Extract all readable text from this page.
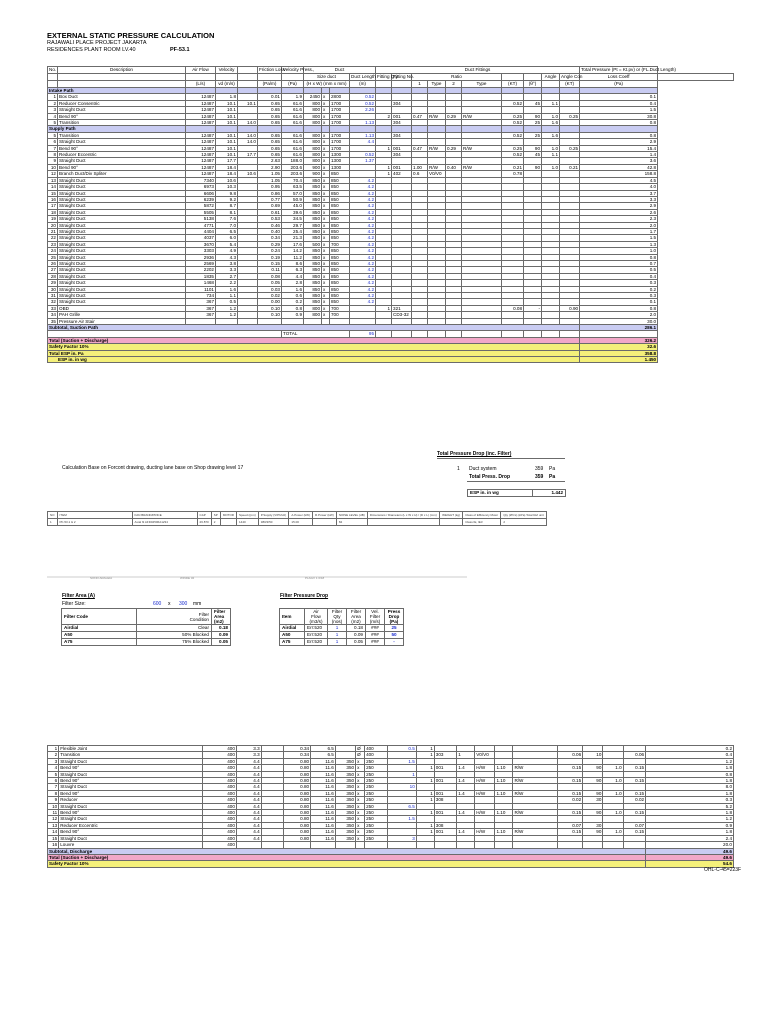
EXTERNAL STATIC PRESSURE CALCULATION
RAJAWALI PLACE PROJECT JAKARTA
RESIDENCES PLANT ROOM LV.40	PF-53.1
No.	Description	Air Flow	Velocity		Friction Loss	Velocity Press.,	Duct				Duct Fittings										Total Pressure (Pt = Kt.pv) or (FL.Duct Length)	
							Size duct			Duct Length	Fitting Qty	Fitting No.	Ratio						Angle	Angle Con	Loss Coeff	
		(L/s)	vd (m/s)		(Pa/m)	(Pa)	(H x W) (mm x mm)			(m)			1	Type	2	Type	(KT)	(θ°)		(KT)	(Pa)	
Intake Path																						
1	Box Duct	12487	1.8		0.01	1.9	2450	x	2800	0.52											0.1	
2	Reducer Consentric	12487	10.1	10.1	0.65	61.6	800	x	1700	0.52		304					0.52	45	1.1		0.4	
3	Straight Duct	12487	10.1		0.65	61.6	800	x	1700	2.26											1.5	
4	Bend 90°	12487	10.1		0.65	61.6	800	x	1700		2	001	0.47	R/W	0.29	R/W	0.25	90	1.0	0.25	30.8	
5	Transition	12487	10.1	14.0	0.65	61.6	800	x	1700	1.13		304					0.52	25	1.6		0.8	
Supply Path																						
5	Transition	12487	10.1	14.0	0.65	61.6	800	x	1700	1.13		304					0.52	25	1.6		0.8	
6	Straight Duct	12487	10.1	14.0	0.65	61.6	800	x	1700	4.4											2.9	
7	Bend 90°	12487	10.1		0.65	61.6	800	x	1700		1	001	0.47	R/W	0.29	R/W	0.25	90	1.0	0.25	15.4	
8	Reducer Eccentric	12487	10.1	17.7	0.65	61.6	800	x	1300	0.52		304					0.52	45	1.1		1.4	
9	Straight Duct	12487	17.7		2.63	188.0	800	x	1300	1.37											3.6	
10	Bend 90°	12487	18.4		2.90	203.6	900	x	1300		1	001	1.00	R/W	0.40	R/W	0.21	90	1.0	0.21	42.8	
12	Branch Duct/Div Spliter	12487	18.4	10.6	1.05	203.6	900	x	850		1	402	0.6	V0/V0			0.78				158.8	
13	Straight Duct	7340	10.6		1.05	70.4	850	x	850	4.2											4.5	
14	Straight Duct	6973	10.3		0.95	63.5	850	x	850	4.2											4.0	
15	Straight Duct	6606	9.8		0.86	57.0	850	x	850	4.2											3.7	
16	Straight Duct	6239	9.2		0.77	50.9	850	x	850	4.2											3.3	
17	Straight Duct	5872	8.7		0.69	45.0	850	x	850	4.2											2.9	
18	Straight Duct	5505	8.1		0.61	39.6	850	x	850	4.2											2.6	
19	Straight Duct	5138	7.6		0.53	34.5	850	x	850	4.2											2.3	
20	Straight Duct	4771	7.0		0.46	29.7	850	x	850	4.2											2.0	
21	Straight Duct	4404	6.5		0.40	25.4	850	x	850	4.2											1.7	
22	Straight Duct	4037	6.0		0.34	21.3	850	x	850	4.2											1.5	
23	Straight Duct	3670	5.4		0.29	17.6	500	x	700	4.2											1.3	
24	Straight Duct	3303	4.9		0.24	14.2	850	x	850	4.2											1.0	
25	Straight Duct	2936	4.3		0.19	11.2	850	x	850	4.2											0.8	
26	Straight Duct	2569	3.8		0.15	8.6	850	x	850	4.2											0.7	
27	Straight Duct	2202	3.3		0.11	6.3	850	x	850	4.2											0.5	
28	Straight Duct	1835	2.7		0.08	4.4	850	x	850	4.2											0.4	
29	Straight Duct	1468	2.2		0.05	2.8	850	x	850	4.2											0.3	
30	Straight Duct	1101	1.6		0.03	1.6	850	x	850	4.2											0.2	
31	Straight Duct	734	1.1		0.02	0.6	850	x	850	4.2											0.3	
32	Straight Duct	367	0.5		0.00	0.2	850	x	850	4.2											0.1	
33	OBD	367	1.2		0.10	0.8	800	x	700		1	321					0.08	-		0.90	0.8	
34	PAH Grille	367	1.2		0.10	0.9	800	x	700			CD3-32									2.0	
35	Pressure Air Stair																				30.0	
Subtotal, Suction Path																					286.1	
						TOTAL				95												
Total (Suction + Discharge)																					326.2	
Safety Factor 10%																					32.6	
Total ESP in. Pa																					358.8	
ESP in. in wg																					1.450	
Calculation Base on Forcont drawing, ducting lane base on Shop drawing level 17
Total Pressure Drop (inc. Filter)
1 Duct system	359 Pa
Total Press. Drop	359 Pa
ESP in. in wg	1.442
NO	ITEM	FAN BRAND/PRICE	CAP	SP	MOTOR	Speed (rpm)	P.Supply (V/Ph/Hz)	A.Power (kW)	R.Power (kW)	NOISE LEVEL (dB)	Dimensions / Diameters (L x W x H) / (D x L) (mm)	WEIGHT (kg)	Class of Efficiency Motor	Qty (l/Pcs) (kPa) Total Ref unit
1	PF-53.1 & 2	Axial fit AFD04506A1234	26.870	2		1440	380/3/50	15.00		84			Class IE, IE3	2
SONO ARALEIA	WINDE 32	PLAGV 1 0/18
Filter Area (A)
Filter Size:	600 x 300 mm
Filter Code	Filter
Condition	Filter
Area
(m2)
Airdial	Clear	0.18
A50	50% Blocked	0.09
A75	75% Blocked	0.05
Filter Pressure Drop
Item	Air
Flow
(m3/s)	Filter
Qty
(nos)	Filter
Area
(m2)	Vel.
Filter
(m/s)	Press
Drop
(Pa)
Airdial	Err:520	1	0.18	###	25
A50	Err:520	1	0.09	###	50
A75	Err:520	1	0.05	###	-
1	Flexible Joint	400	3.3		0.34	6.5		Ø	400	0.5	1										0.2
2	Transition	400	3.3		0.34	6.5		Ø	400		1	303	1	V0/V0			0.06	10		0.06	0.4
3	Straight Duct	400	4.4		0.80	11.6	350	x	250	1.5											1.2
4	Bend 90°	400	4.4		0.80	11.6	350	x	250		1	001	1.4	H/W	1.10	R/W	0.15	90	1.0	0.15	1.8
5	Straight Duct	400	4.4		0.80	11.6	350	x	250	1											0.8
6	Bend 90°	400	4.4		0.80	11.6	350	x	250		1	001	1.4	H/W	1.10	R/W	0.15	90	1.0	0.15	1.8
7	Straight Duct	400	4.4		0.80	11.6	350	x	250	10											8.0
8	Bend 90°	400	4.4		0.80	11.6	350	x	250		1	001	1.4	H/W	1.10	R/W	0.15	90	1.0	0.15	1.8
9	Reducer	400	4.4		0.80	11.6	350	x	250		1	308					0.02	30		0.02	0.3
10	Straight Duct	400	4.4		0.80	11.6	350	x	250	6.5											5.2
11	Bend 90°	400	4.4		0.80	11.6	350	x	250		1	001	1.4	H/W	1.10	R/W	0.15	90	1.0	0.15	1.8
12	Straight Duct	400	4.4		0.80	11.6	350	x	250	1.5											1.2
13	Reducer Eccentric	400	4.4		0.80	11.6	350	x	250		1	308					0.07	30		0.07	0.9
14	Bend 90°	400	4.4		0.80	11.6	350	x	250		1	001	1.4	H/W	1.10	R/W	0.15	90	1.0	0.15	1.8
15	Straight Duct	400	4.4		0.80	11.6	350	x	250	3											2.4
16	Louvre	400																			20.0
Subtotal, Discharge																					49.6
Total (Suction + Discharge)																					49.6
Safety Factor 10%																					54.6
OHL-C-45=223F
